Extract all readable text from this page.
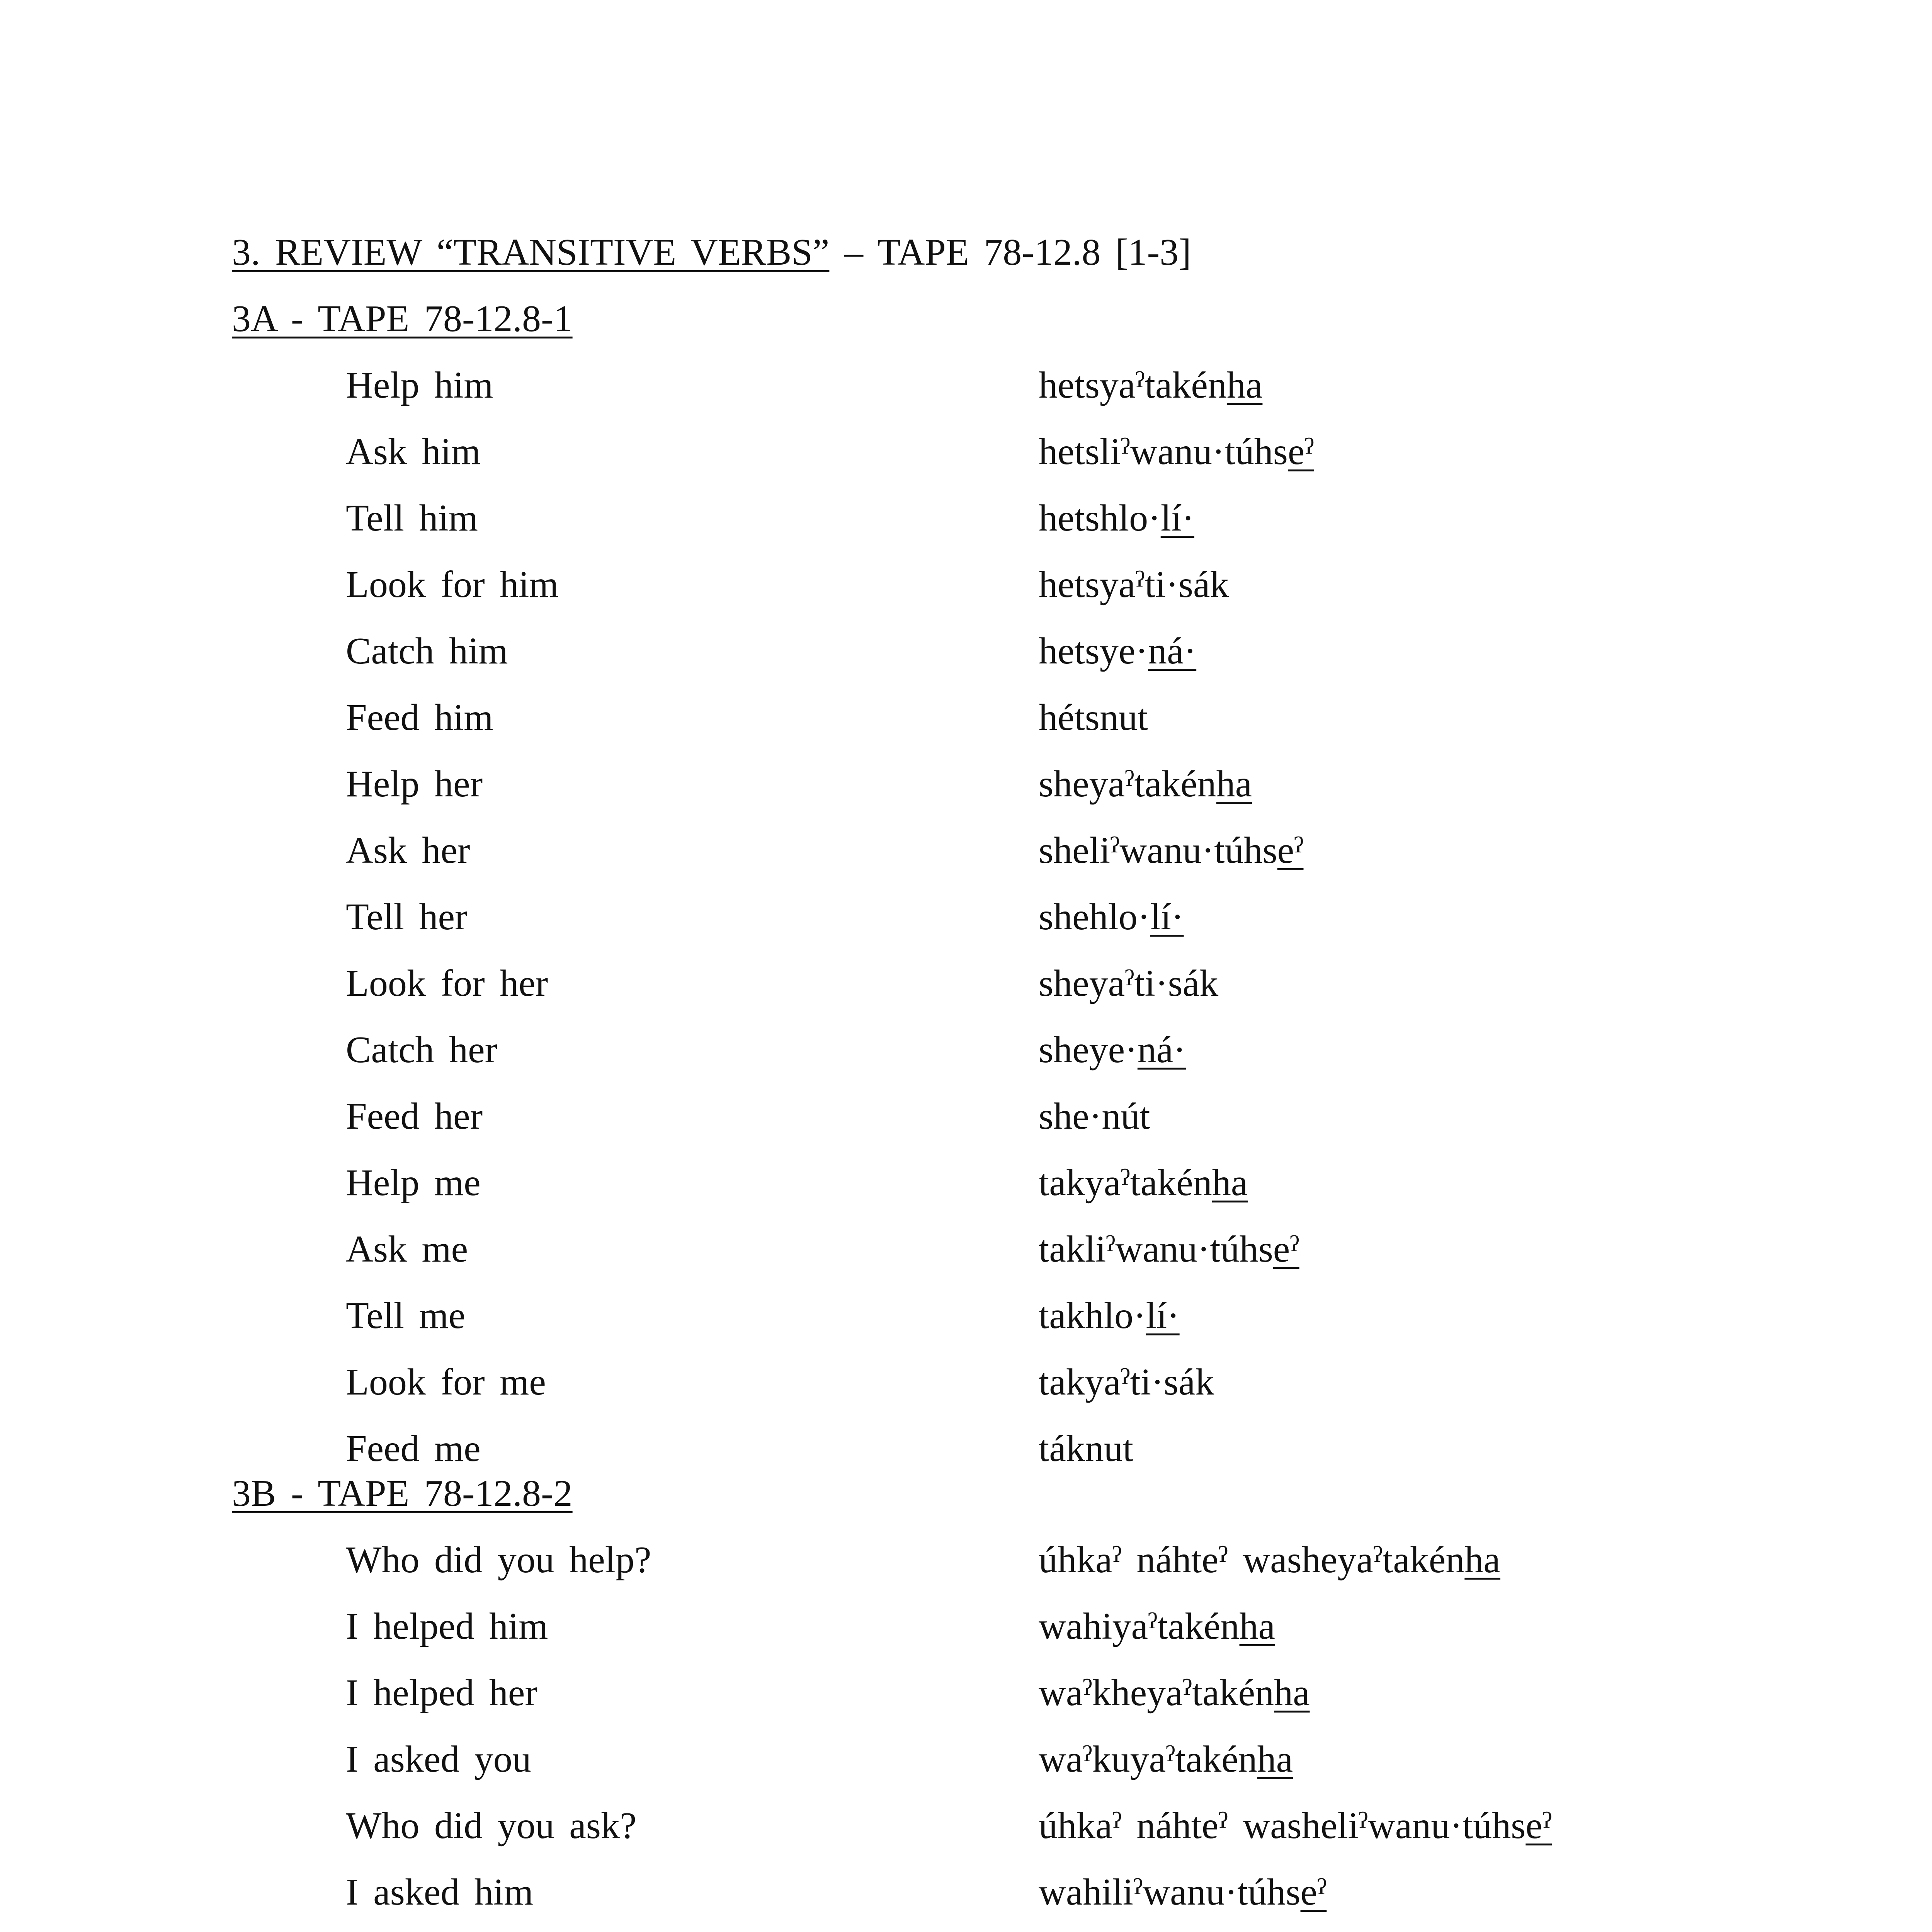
3. REVIEW “TRANSITIVE VERBS” – TAPE 78-12.8 [1-3]
3A - TAPE 78-12.8-1
Help him	hetsyaˀtakénha
Ask him	hetsliˀwanu·túhseˀ
Tell him	hetshlo·lí·
Look for him	hetsyaˀti·sák
Catch him	hetsye·ná·
Feed him	hétsnut
Help her	sheyaˀtakénha
Ask her	sheliˀwanu·túhseˀ
Tell her	shehlo·lí·
Look for her	sheyaˀti·sák
Catch her	sheye·ná·
Feed her	she·nút
Help me	takyaˀtakénha
Ask me	takliˀwanu·túhseˀ
Tell me	takhlo·lí·
Look for me	takyaˀti·sák
Feed me	táknut
3B - TAPE 78-12.8-2
Who did you help?	úhkaˀ náhteˀ washeyaˀtakénha
I helped him	wahiyaˀtakénha
I helped her	waˀkheyaˀtakénha
I asked you	waˀkuyaˀtakénha
Who did you ask?	úhkaˀ náhteˀ washeliˀwanu·túhseˀ
I asked him	wahiliˀwanu·túhseˀ
